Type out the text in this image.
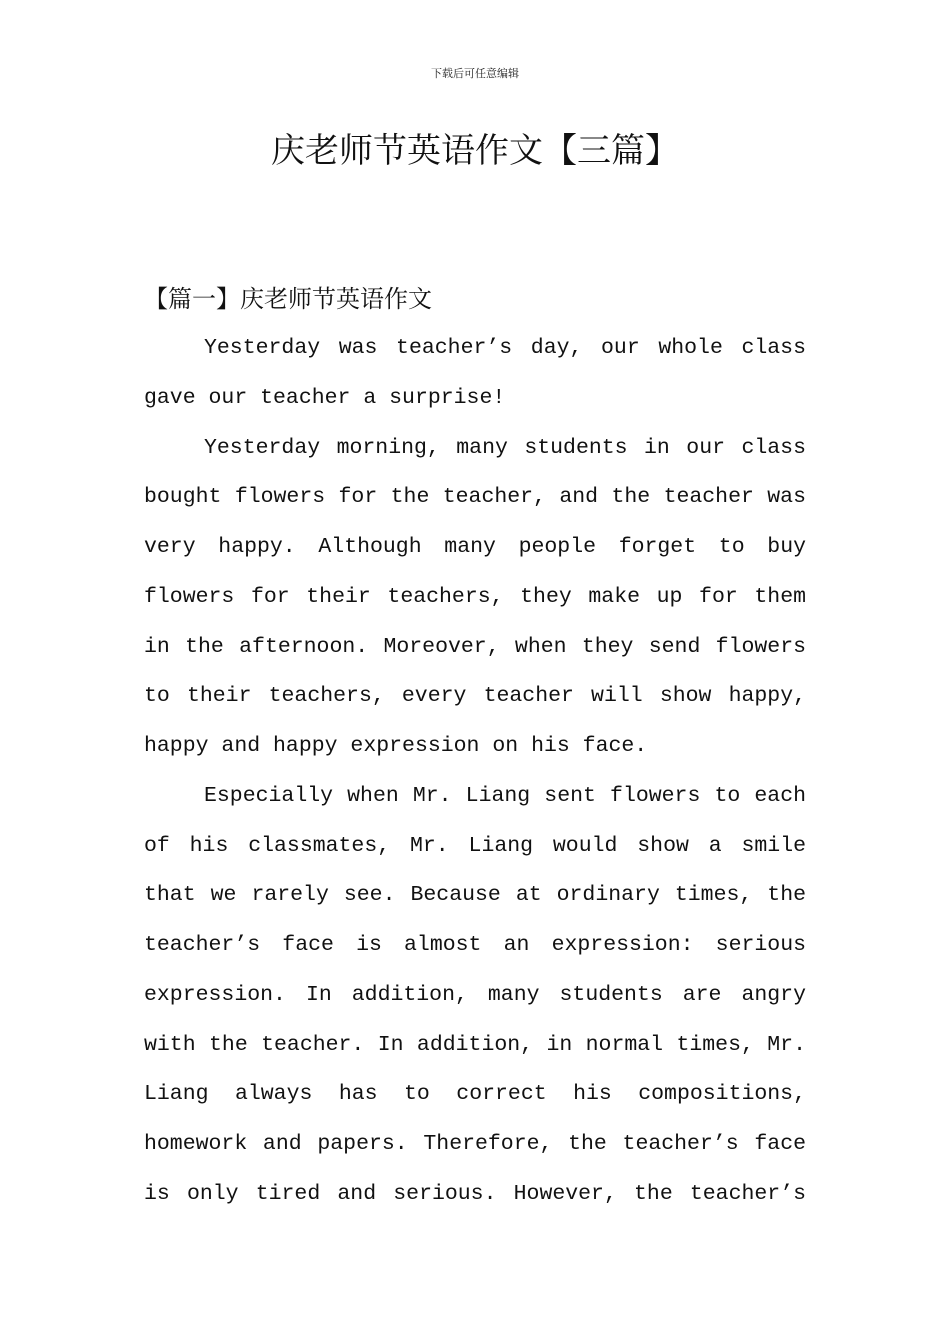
下载后可任意编辑
庆老师节英语作文【三篇】
【篇一】庆老师节英语作文
Yesterday was teacher’s day, our whole class
gave our teacher a surprise!
Yesterday morning, many students in our class
bought flowers for the teacher, and the teacher was
very happy. Although many people forget to buy
flowers for their teachers, they make up for them
in the afternoon. Moreover, when they send flowers
to their teachers, every teacher will show happy,
happy and happy expression on his face.
Especially when Mr. Liang sent flowers to each
of his classmates, Mr. Liang would show a smile
that we rarely see. Because at ordinary times, the
teacher’s face is almost an expression: serious
expression. In addition, many students are angry
with the teacher. In addition, in normal times, Mr.
Liang always has to correct his compositions,
homework and papers. Therefore, the teacher’s face
is only tired and serious. However, the teacher’s
